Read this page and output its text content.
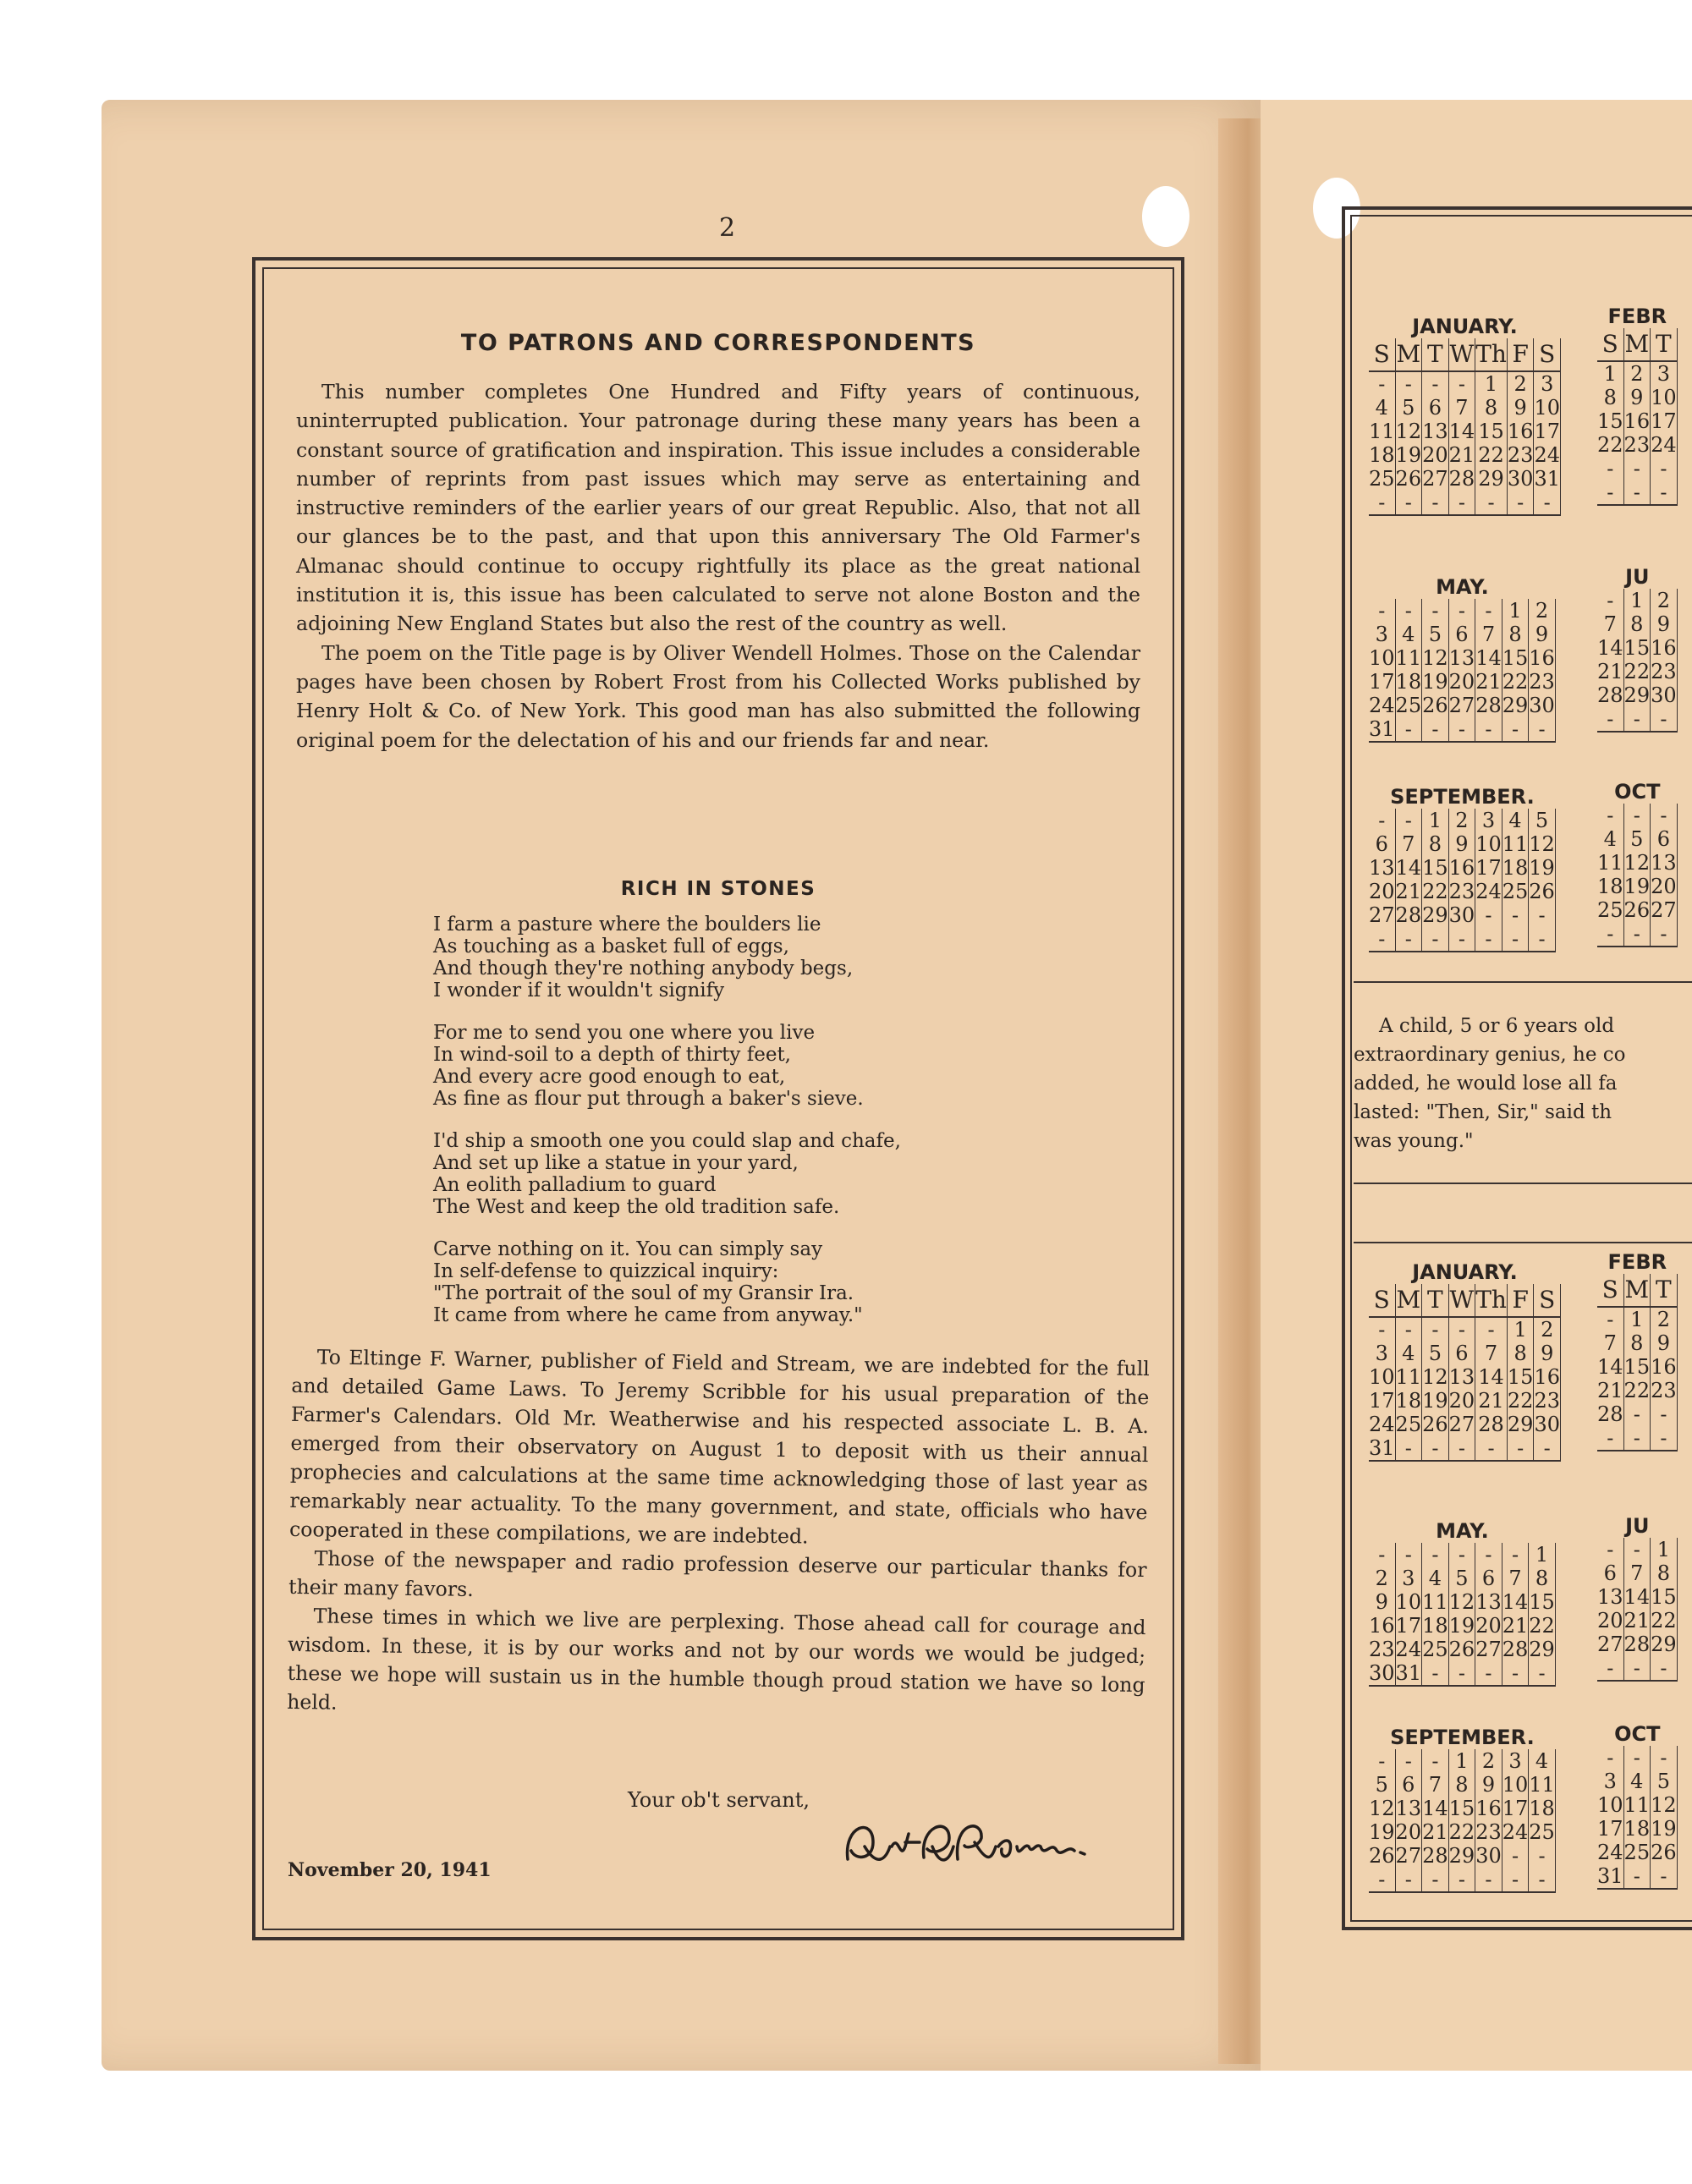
2
TO PATRONS AND CORRESPONDENTS

This number completes One Hundred and Fifty years of continuous, uninterrupted publication. Your patronage during these many years has been a constant source of gratification and inspiration. This issue includes a considerable number of reprints from past issues which may serve as entertaining and instructive reminders of the earlier years of our great Republic. Also, that not all our glances be to the past, and that upon this anniversary The Old Farmer's Almanac should continue to occupy rightfully its place as the great national institution it is, this issue has been calculated to serve not alone Boston and the adjoining New England States but also the rest of the country as well.

The poem on the Title page is by Oliver Wendell Holmes. Those on the Calendar pages have been chosen by Robert Frost from his Collected Works published by Henry Holt & Co. of New York. This good man has also submitted the following original poem for the delectation of his and our friends far and near.

RICH IN STONES
I farm a pasture where the boulders lie
As touching as a basket full of eggs,
And though they're nothing anybody begs,
I wonder if it wouldn't signify
For me to send you one where you live
In wind-soil to a depth of thirty feet,
And every acre good enough to eat,
As fine as flour put through a baker's sieve.
I'd ship a smooth one you could slap and chafe,
And set up like a statue in your yard,
An eolith palladium to guard
The West and keep the old tradition safe.
Carve nothing on it. You can simply say
In self-defense to quizzical inquiry:
"The portrait of the soul of my Gransir Ira.
It came from where he came from anyway."

To Eltinge F. Warner, publisher of Field and Stream, we are indebted for the full and detailed Game Laws. To Jeremy Scribble for his usual preparation of the Farmer's Calendars. Old Mr. Weatherwise and his respected associate L. B. A. emerged from their observatory on August 1 to deposit with us their annual prophecies and calculations at the same time acknowledging those of last year as remarkably near actuality. To the many government, and state, officials who have cooperated in these compilations, we are indebted.

Those of the newspaper and radio profession deserve our particular thanks for their many favors.

These times in which we live are perplexing. Those ahead call for courage and wisdom. In these, it is by our works and not by our words we would be judged; these we hope will sustain us in the humble though proud station we have so long held.

Your ob't servant,
November 20, 1941
JANUARY.
S	M	T	W	Th	F	S
-	-	-	-	1	2	3
4	5	6	7	8	9	10
11	12	13	14	15	16	17
18	19	20	21	22	23	24
25	26	27	28	29	30	31
-	-	-	-	-	-	-
FEBR
S	M	T
1	2	3
8	9	10
15	16	17
22	23	24
-	-	-
-	-	-
MAY.
-	-	-	-	-	1	2
3	4	5	6	7	8	9
10	11	12	13	14	15	16
17	18	19	20	21	22	23
24	25	26	27	28	29	30
31	-	-	-	-	-	-
JU
-	1	2
7	8	9
14	15	16
21	22	23
28	29	30
-	-	-
SEPTEMBER.
-	-	1	2	3	4	5
6	7	8	9	10	11	12
13	14	15	16	17	18	19
20	21	22	23	24	25	26
27	28	29	30	-	-	-
-	-	-	-	-	-	-
OCT
-	-	-
4	5	6
11	12	13
18	19	20
25	26	27
-	-	-
A child, 5 or 6 years old
extraordinary genius, he co
added, he would lose all fa
lasted: "Then, Sir," said th
was young."
JANUARY.
S	M	T	W	Th	F	S
-	-	-	-	-	1	2
3	4	5	6	7	8	9
10	11	12	13	14	15	16
17	18	19	20	21	22	23
24	25	26	27	28	29	30
31	-	-	-	-	-	-
FEBR
S	M	T
-	1	2
7	8	9
14	15	16
21	22	23
28	-	-
-	-	-
MAY.
-	-	-	-	-	-	1
2	3	4	5	6	7	8
9	10	11	12	13	14	15
16	17	18	19	20	21	22
23	24	25	26	27	28	29
30	31	-	-	-	-	-
JU
-	-	1
6	7	8
13	14	15
20	21	22
27	28	29
-	-	-
SEPTEMBER.
-	-	-	1	2	3	4
5	6	7	8	9	10	11
12	13	14	15	16	17	18
19	20	21	22	23	24	25
26	27	28	29	30	-	-
-	-	-	-	-	-	-
OCT
-	-	-
3	4	5
10	11	12
17	18	19
24	25	26
31	-	-
